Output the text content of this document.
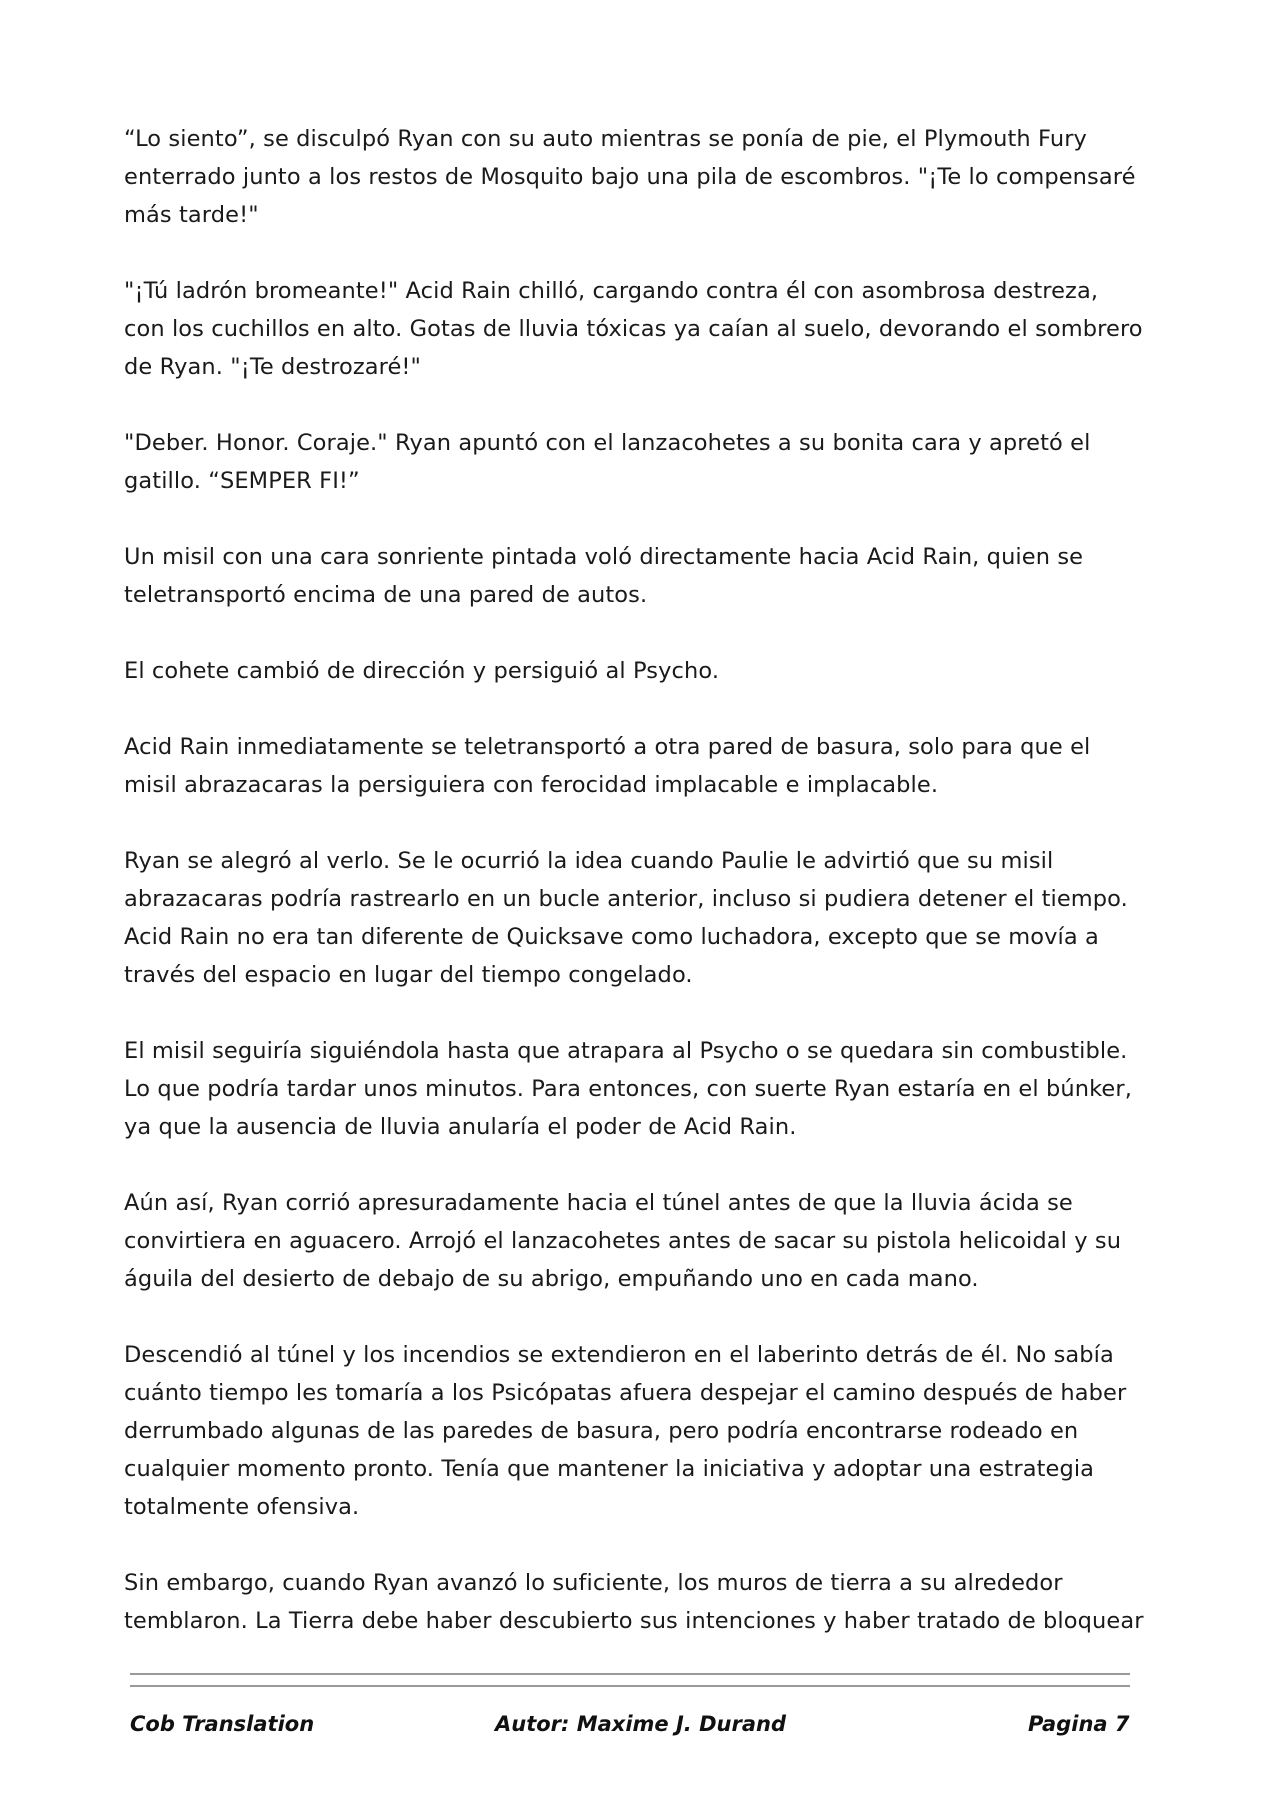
“Lo siento”, se disculpó Ryan con su auto mientras se ponía de pie, el Plymouth Fury enterrado junto a los restos de Mosquito bajo una pila de escombros. "¡Te lo compensaré más tarde!"

"¡Tú ladrón bromeante!" Acid Rain chilló, cargando contra él con asombrosa destreza, con los cuchillos en alto. Gotas de lluvia tóxicas ya caían al suelo, devorando el sombrero de Ryan. "¡Te destrozaré!"

"Deber. Honor. Coraje." Ryan apuntó con el lanzacohetes a su bonita cara y apretó el gatillo. “SEMPER FI!”

Un misil con una cara sonriente pintada voló directamente hacia Acid Rain, quien se teletransportó encima de una pared de autos.

El cohete cambió de dirección y persiguió al Psycho.

Acid Rain inmediatamente se teletransportó a otra pared de basura, solo para que el misil abrazacaras la persiguiera con ferocidad implacable e implacable.

Ryan se alegró al verlo. Se le ocurrió la idea cuando Paulie le advirtió que su misil abrazacaras podría rastrearlo en un bucle anterior, incluso si pudiera detener el tiempo. Acid Rain no era tan diferente de Quicksave como luchadora, excepto que se movía a través del espacio en lugar del tiempo congelado.

El misil seguiría siguiéndola hasta que atrapara al Psycho o se quedara sin combustible. Lo que podría tardar unos minutos. Para entonces, con suerte Ryan estaría en el búnker, ya que la ausencia de lluvia anularía el poder de Acid Rain.

Aún así, Ryan corrió apresuradamente hacia el túnel antes de que la lluvia ácida se convirtiera en aguacero. Arrojó el lanzacohetes antes de sacar su pistola helicoidal y su águila del desierto de debajo de su abrigo, empuñando uno en cada mano.

Descendió al túnel y los incendios se extendieron en el laberinto detrás de él. No sabía cuánto tiempo les tomaría a los Psicópatas afuera despejar el camino después de haber derrumbado algunas de las paredes de basura, pero podría encontrarse rodeado en cualquier momento pronto. Tenía que mantener la iniciativa y adoptar una estrategia totalmente ofensiva.

Sin embargo, cuando Ryan avanzó lo suficiente, los muros de tierra a su alrededor temblaron. La Tierra debe haber descubierto sus intenciones y haber tratado de bloquear

Cob Translation	Autor: Maxime J. Durand	Pagina 7
